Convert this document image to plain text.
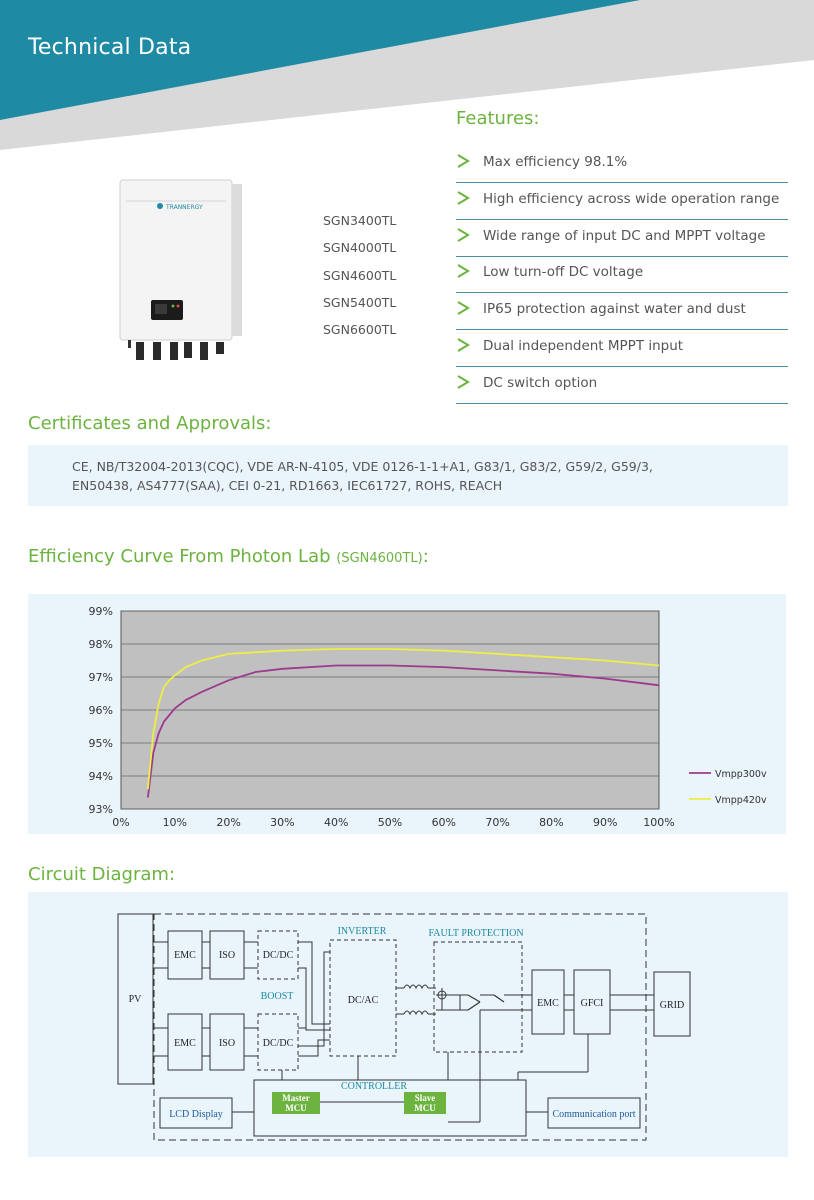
Technical Data
TRANNERGY
SGN3400TL
SGN4000TL
SGN4600TL
SGN5400TL
SGN6600TL
Features:
Max efficiency 98.1%
High efficiency across wide operation range
Wide range of input DC and MPPT voltage
Low turn-off DC voltage
IP65 protection against water and dust
Dual independent MPPT input
DC switch option
Certificates and Approvals:
CE, NB/T32004-2013(CQC), VDE AR-N-4105, VDE 0126-1-1+A1, G83/1, G83/2, G59/2, G59/3,
EN50438, AS4777(SAA), CEI 0-21, RD1663, IEC61727, ROHS, REACH
Efficiency Curve From Photon Lab (SGN4600TL):
99%
98%
97%
96%
95%
94%
93%
0%	10%	20%	30%	40%	50%	60%	70%	80%	90% 100%
Vmpp300v
Vmpp420v
Circuit Diagram:
PV
EMC ISO	DC/DC
EMC ISO	DC/DC
DC/AC	EMC GFCI	GRID
LCD Display	Communication port
BOOST
INVERTER	FAULT PROTECTION
CONTROLLER
Master
MCU
Slave
MCU
